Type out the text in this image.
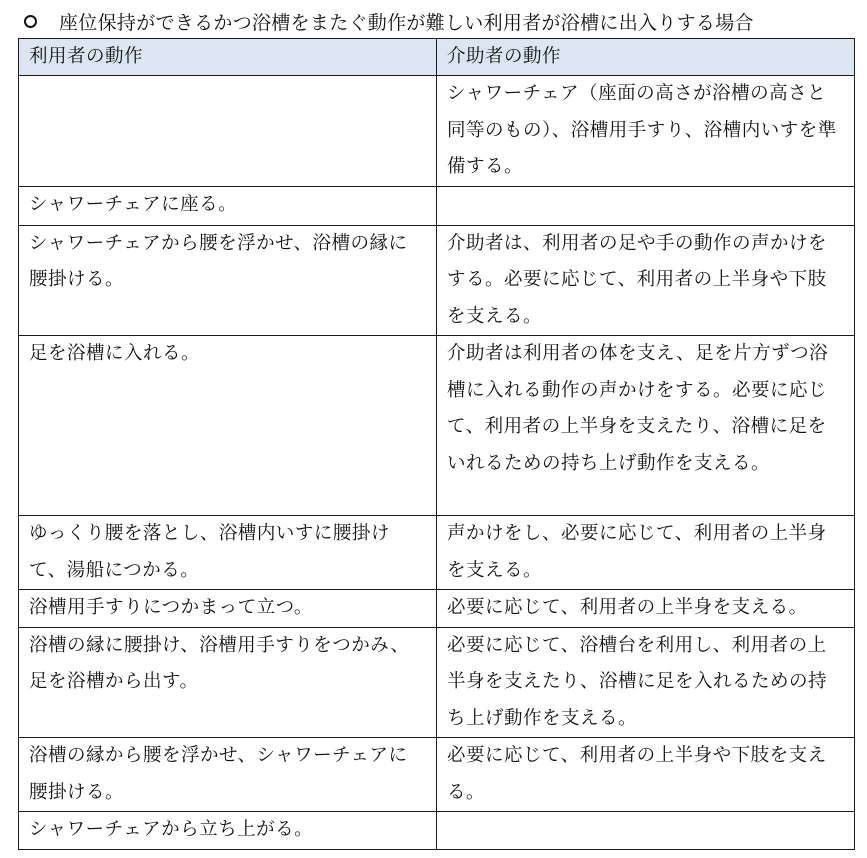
座位保持ができるかつ浴槽をまたぐ動作が難しい利用者が浴槽に出入りする場合
利用者の動作	介助者の動作
	シャワーチェア（座面の高さが浴槽の高さと同等のもの）、浴槽用手すり、浴槽内いすを準備する。
シャワーチェアに座る。	
シャワーチェアから腰を浮かせ、浴槽の縁に腰掛ける。	介助者は、利用者の足や手の動作の声かけをする。必要に応じて、利用者の上半身や下肢を支える。
足を浴槽に入れる。	介助者は利用者の体を支え、足を片方ずつ浴槽に入れる動作の声かけをする。必要に応じて、利用者の上半身を支えたり、浴槽に足をいれるための持ち上げ動作を支える。
ゆっくり腰を落とし、浴槽内いすに腰掛けて、湯船につかる。	声かけをし、必要に応じて、利用者の上半身を支える。
浴槽用手すりにつかまって立つ。	必要に応じて、利用者の上半身を支える。
浴槽の縁に腰掛け、浴槽用手すりをつかみ、足を浴槽から出す。	必要に応じて、浴槽台を利用し、利用者の上半身を支えたり、浴槽に足を入れるための持ち上げ動作を支える。
浴槽の縁から腰を浮かせ、シャワーチェアに腰掛ける。	必要に応じて、利用者の上半身や下肢を支える。
シャワーチェアから立ち上がる。	
